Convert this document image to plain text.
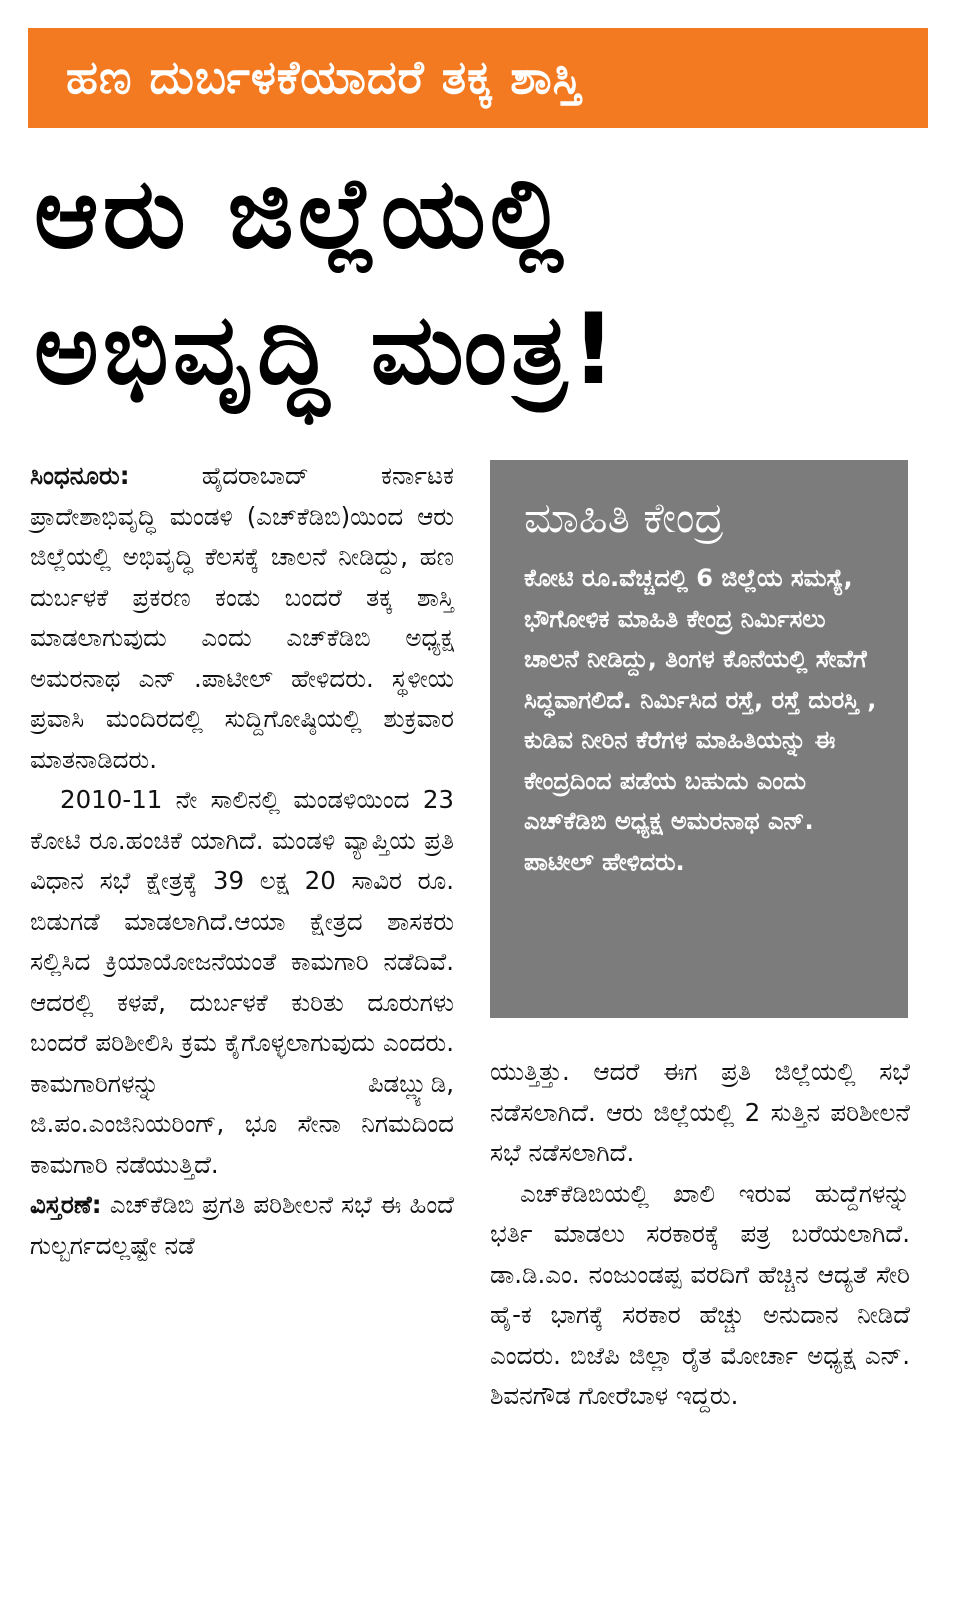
ಹಣ ದುರ್ಬಳಕೆಯಾದರೆ ತಕ್ಕ ಶಾಸ್ತಿ
ಆರು ಜಿಲ್ಲೆಯಲ್ಲಿ
ಅಭಿವೃದ್ಧಿ ಮಂತ್ರ!

ಸಿಂಧನೂರು:	ಹೈದರಾಬಾದ್ ಕರ್ನಾಟಕ ಪ್ರಾದೇಶಾಭಿವೃದ್ಧಿ ಮಂಡಳಿ (ಎಚ್‌ಕೆಡಿಬಿ)ಯಿಂದ ಆರು ಜಿಲ್ಲೆಯಲ್ಲಿ ಅಭಿವೃದ್ಧಿ ಕೆಲಸಕ್ಕೆ ಚಾಲನೆ ನೀಡಿದ್ದು, ಹಣ ದುರ್ಬಳಕೆ ಪ್ರಕರಣ ಕಂಡು ಬಂದರೆ ತಕ್ಕ ಶಾಸ್ತಿ ಮಾಡಲಾಗುವುದು ಎಂದು ಎಚ್‌ಕೆಡಿಬಿ ಅಧ್ಯಕ್ಷ ಅಮರನಾಥ ಎನ್ .ಪಾಟೀಲ್ ಹೇಳಿದರು. ಸ್ಥಳೀಯ ಪ್ರವಾಸಿ ಮಂದಿರದಲ್ಲಿ ಸುದ್ದಿಗೋಷ್ಠಿಯಲ್ಲಿ ಶುಕ್ರವಾರ ಮಾತನಾಡಿದರು.

2010-11 ನೇ ಸಾಲಿನಲ್ಲಿ ಮಂಡಳಿಯಿಂದ 23 ಕೋಟಿ ರೂ.ಹಂಚಿಕೆ ಯಾಗಿದೆ. ಮಂಡಳಿ ವ್ಯಾಪ್ತಿಯ ಪ್ರತಿ ವಿಧಾನ ಸಭೆ ಕ್ಷೇತ್ರಕ್ಕೆ 39 ಲಕ್ಷ 20 ಸಾವಿರ ರೂ. ಬಿಡುಗಡೆ ಮಾಡಲಾಗಿದೆ.ಆಯಾ ಕ್ಷೇತ್ರದ ಶಾಸಕರು ಸಲ್ಲಿಸಿದ ಕ್ರಿಯಾಯೋಜನೆಯಂತೆ ಕಾಮಗಾರಿ ನಡೆದಿವೆ. ಆದರಲ್ಲಿ ಕಳಪೆ, ದುರ್ಬಳಕೆ ಕುರಿತು ದೂರುಗಳು ಬಂದರೆ ಪರಿಶೀಲಿಸಿ ಕ್ರಮ ಕೈಗೊಳ್ಳಲಾಗುವುದು ಎಂದರು. ಕಾಮಗಾರಿಗಳನ್ನು ಪಿಡಬ್ಲ್ಯುಡಿ, ಜಿ.ಪಂ.ಎಂಜಿನಿಯರಿಂಗ್, ಭೂ ಸೇನಾ ನಿಗಮದಿಂದ ಕಾಮಗಾರಿ ನಡೆಯುತ್ತಿದೆ.

ವಿಸ್ತರಣೆ: ಎಚ್‌ಕೆಡಿಬಿ ಪ್ರಗತಿ ಪರಿಶೀಲನೆ ಸಭೆ ಈ ಹಿಂದೆ ಗುಲ್ಬರ್ಗದಲ್ಲಷ್ಟೇ ನಡೆ

ಮಾಹಿತಿ ಕೇಂದ್ರ

ಕೋಟಿ ರೂ.ವೆಚ್ಚದಲ್ಲಿ 6 ಜಿಲ್ಲೆಯ ಸಮಸ್ಯೆ, ಭೌಗೋಳಿಕ ಮಾಹಿತಿ ಕೇಂದ್ರ ನಿರ್ಮಿಸಲು ಚಾಲನೆ ನೀಡಿದ್ದು, ತಿಂಗಳ ಕೊನೆಯಲ್ಲಿ ಸೇವೆಗೆ ಸಿದ್ಧವಾಗಲಿದೆ. ನಿರ್ಮಿಸಿದ ರಸ್ತೆ, ರಸ್ತೆ ದುರಸ್ತಿ , ಕುಡಿವ ನೀರಿನ ಕೆರೆಗಳ ಮಾಹಿತಿಯನ್ನು ಈ ಕೇಂದ್ರದಿಂದ ಪಡೆಯ ಬಹುದು ಎಂದು ಎಚ್‌ಕೆಡಿಬಿ ಅಧ್ಯಕ್ಷ ಅಮರನಾಥ ಎನ್. ಪಾಟೀಲ್ ಹೇಳಿದರು.

ಯುತ್ತಿತ್ತು. ಆದರೆ ಈಗ ಪ್ರತಿ ಜಿಲ್ಲೆಯಲ್ಲಿ ಸಭೆ ನಡೆಸಲಾಗಿದೆ. ಆರು ಜಿಲ್ಲೆಯಲ್ಲಿ 2 ಸುತ್ತಿನ ಪರಿಶೀಲನೆ ಸಭೆ ನಡೆಸಲಾಗಿದೆ.

ಎಚ್‌ಕೆಡಿಬಿಯಲ್ಲಿ ಖಾಲಿ ಇರುವ ಹುದ್ದೆಗಳನ್ನು ಭರ್ತಿ ಮಾಡಲು ಸರಕಾರಕ್ಕೆ ಪತ್ರ ಬರೆಯಲಾಗಿದೆ. ಡಾ.ಡಿ.ಎಂ. ನಂಜುಂಡಪ್ಪ ವರದಿಗೆ ಹೆಚ್ಚಿನ ಆದ್ಯತೆ ಸೇರಿ ಹೈ-ಕ ಭಾಗಕ್ಕೆ ಸರಕಾರ ಹೆಚ್ಚು ಅನುದಾನ ನೀಡಿದೆ ಎಂದರು. ಬಿಜೆಪಿ ಜಿಲ್ಲಾ ರೈತ ಮೋರ್ಚಾ ಅಧ್ಯಕ್ಷ ಎನ್. ಶಿವನಗೌಡ ಗೋರೆಬಾಳ ಇದ್ದರು.
